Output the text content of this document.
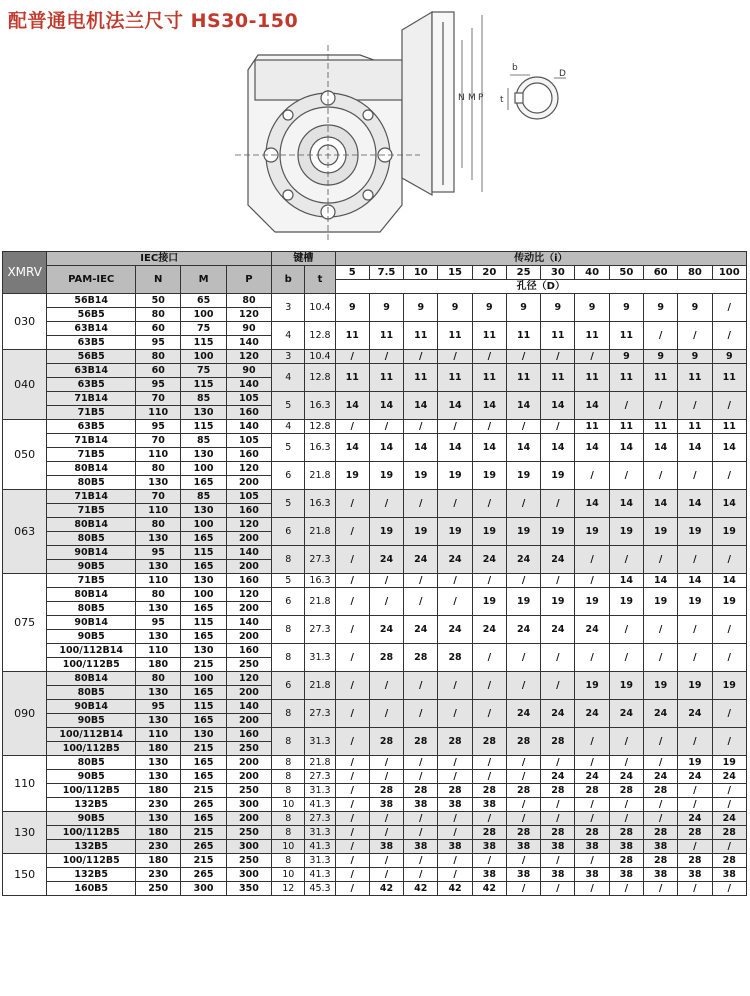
配普通电机法兰尺寸 HS30-150
N M P
b
t
D
XMRV	IEC接口				键槽		传动比（i）											
	PAM-IEC	N	M	P	b	t	5	7.5	10	15	20	25	30	40	50	60	80	100
							孔径（D）											
030	56B14	50	65	80	3	10.4	9	9	9	9	9	9	9	9	9	9	9	/
	56B5	80	100	120														
	63B14	60	75	90	4	12.8	11	11	11	11	11	11	11	11	11	/	/	/
	63B5	95	115	140														
040	56B5	80	100	120	3	10.4	/	/	/	/	/	/	/	/	9	9	9	9
	63B14	60	75	90	4	12.8	11	11	11	11	11	11	11	11	11	11	11	11
	63B5	95	115	140														
	71B14	70	85	105	5	16.3	14	14	14	14	14	14	14	14	/	/	/	/
	71B5	110	130	160														
050	63B5	95	115	140	4	12.8	/	/	/	/	/	/	/	11	11	11	11	11
	71B14	70	85	105	5	16.3	14	14	14	14	14	14	14	14	14	14	14	14
	71B5	110	130	160														
	80B14	80	100	120	6	21.8	19	19	19	19	19	19	19	/	/	/	/	/
	80B5	130	165	200														
063	71B14	70	85	105	5	16.3	/	/	/	/	/	/	/	14	14	14	14	14
	71B5	110	130	160														
	80B14	80	100	120	6	21.8	/	19	19	19	19	19	19	19	19	19	19	19
	80B5	130	165	200														
	90B14	95	115	140	8	27.3	/	24	24	24	24	24	24	/	/	/	/	/
	90B5	130	165	200														
075	71B5	110	130	160	5	16.3	/	/	/	/	/	/	/	/	14	14	14	14
	80B14	80	100	120	6	21.8	/	/	/	/	19	19	19	19	19	19	19	19
	80B5	130	165	200														
	90B14	95	115	140	8	27.3	/	24	24	24	24	24	24	24	/	/	/	/
	90B5	130	165	200														
	100/112B14	110	130	160	8	31.3	/	28	28	28	/	/	/	/	/	/	/	/
	100/112B5	180	215	250														
090	80B14	80	100	120	6	21.8	/	/	/	/	/	/	/	19	19	19	19	19
	80B5	130	165	200														
	90B14	95	115	140	8	27.3	/	/	/	/	/	24	24	24	24	24	24	/
	90B5	130	165	200														
	100/112B14	110	130	160	8	31.3	/	28	28	28	28	28	28	/	/	/	/	/
	100/112B5	180	215	250														
110	80B5	130	165	200	8	21.8	/	/	/	/	/	/	/	/	/	/	19	19
	90B5	130	165	200	8	27.3	/	/	/	/	/	/	24	24	24	24	24	24
	100/112B5	180	215	250	8	31.3	/	28	28	28	28	28	28	28	28	28	/	/
	132B5	230	265	300	10	41.3	/	38	38	38	38	/	/	/	/	/	/	/
130	90B5	130	165	200	8	27.3	/	/	/	/	/	/	/	/	/	/	24	24
	100/112B5	180	215	250	8	31.3	/	/	/	/	28	28	28	28	28	28	28	28
	132B5	230	265	300	10	41.3	/	38	38	38	38	38	38	38	38	38	/	/
150	100/112B5	180	215	250	8	31.3	/	/	/	/	/	/	/	/	28	28	28	28
	132B5	230	265	300	10	41.3	/	/	/	/	38	38	38	38	38	38	38	38
	160B5	250	300	350	12	45.3	/	42	42	42	42	/	/	/	/	/	/	/
